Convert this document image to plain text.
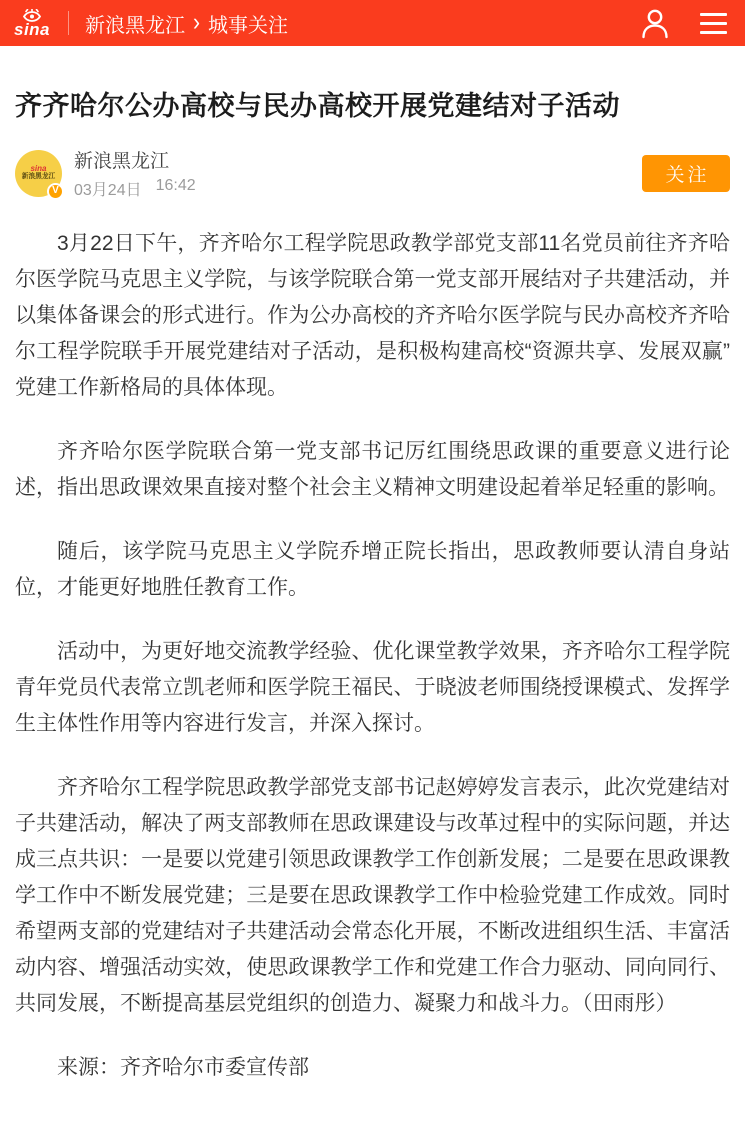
sina 新浪黑龙江 › 城事关注
齐齐哈尔公办高校与民办高校开展党建结对子活动
sina
新浪黑龙江
V
新浪黑龙江
03月24日 16:42	关注

3月22日下午，齐齐哈尔工程学院思政教学部党支部11名党员前往齐齐哈尔医学院马克思主义学院，与该学院联合第一党支部开展结对子共建活动，并以集体备课会的形式进行。作为公办高校的齐齐哈尔医学院与民办高校齐齐哈尔工程学院联手开展党建结对子活动，是积极构建高校“资源共享、发展双赢”党建工作新格局的具体体现。

齐齐哈尔医学院联合第一党支部书记厉红围绕思政课的重要意义进行论述，指出思政课效果直接对整个社会主义精神文明建设起着举足轻重的影响。

随后，该学院马克思主义学院乔增正院长指出，思政教师要认清自身站位，才能更好地胜任教育工作。

活动中，为更好地交流教学经验、优化课堂教学效果，齐齐哈尔工程学院青年党员代表常立凯老师和医学院王福民、于晓波老师围绕授课模式、发挥学生主体性作用等内容进行发言，并深入探讨。

齐齐哈尔工程学院思政教学部党支部书记赵婷婷发言表示，此次党建结对子共建活动，解决了两支部教师在思政课建设与改革过程中的实际问题，并达成三点共识：一是要以党建引领思政课教学工作创新发展；二是要在思政课教学工作中不断发展党建；三是要在思政课教学工作中检验党建工作成效。同时希望两支部的党建结对子共建活动会常态化开展，不断改进组织生活、丰富活动内容、增强活动实效，使思政课教学工作和党建工作合力驱动、同向同行、共同发展，不断提高基层党组织的创造力、凝聚力和战斗力。（田雨彤）

来源：齐齐哈尔市委宣传部
